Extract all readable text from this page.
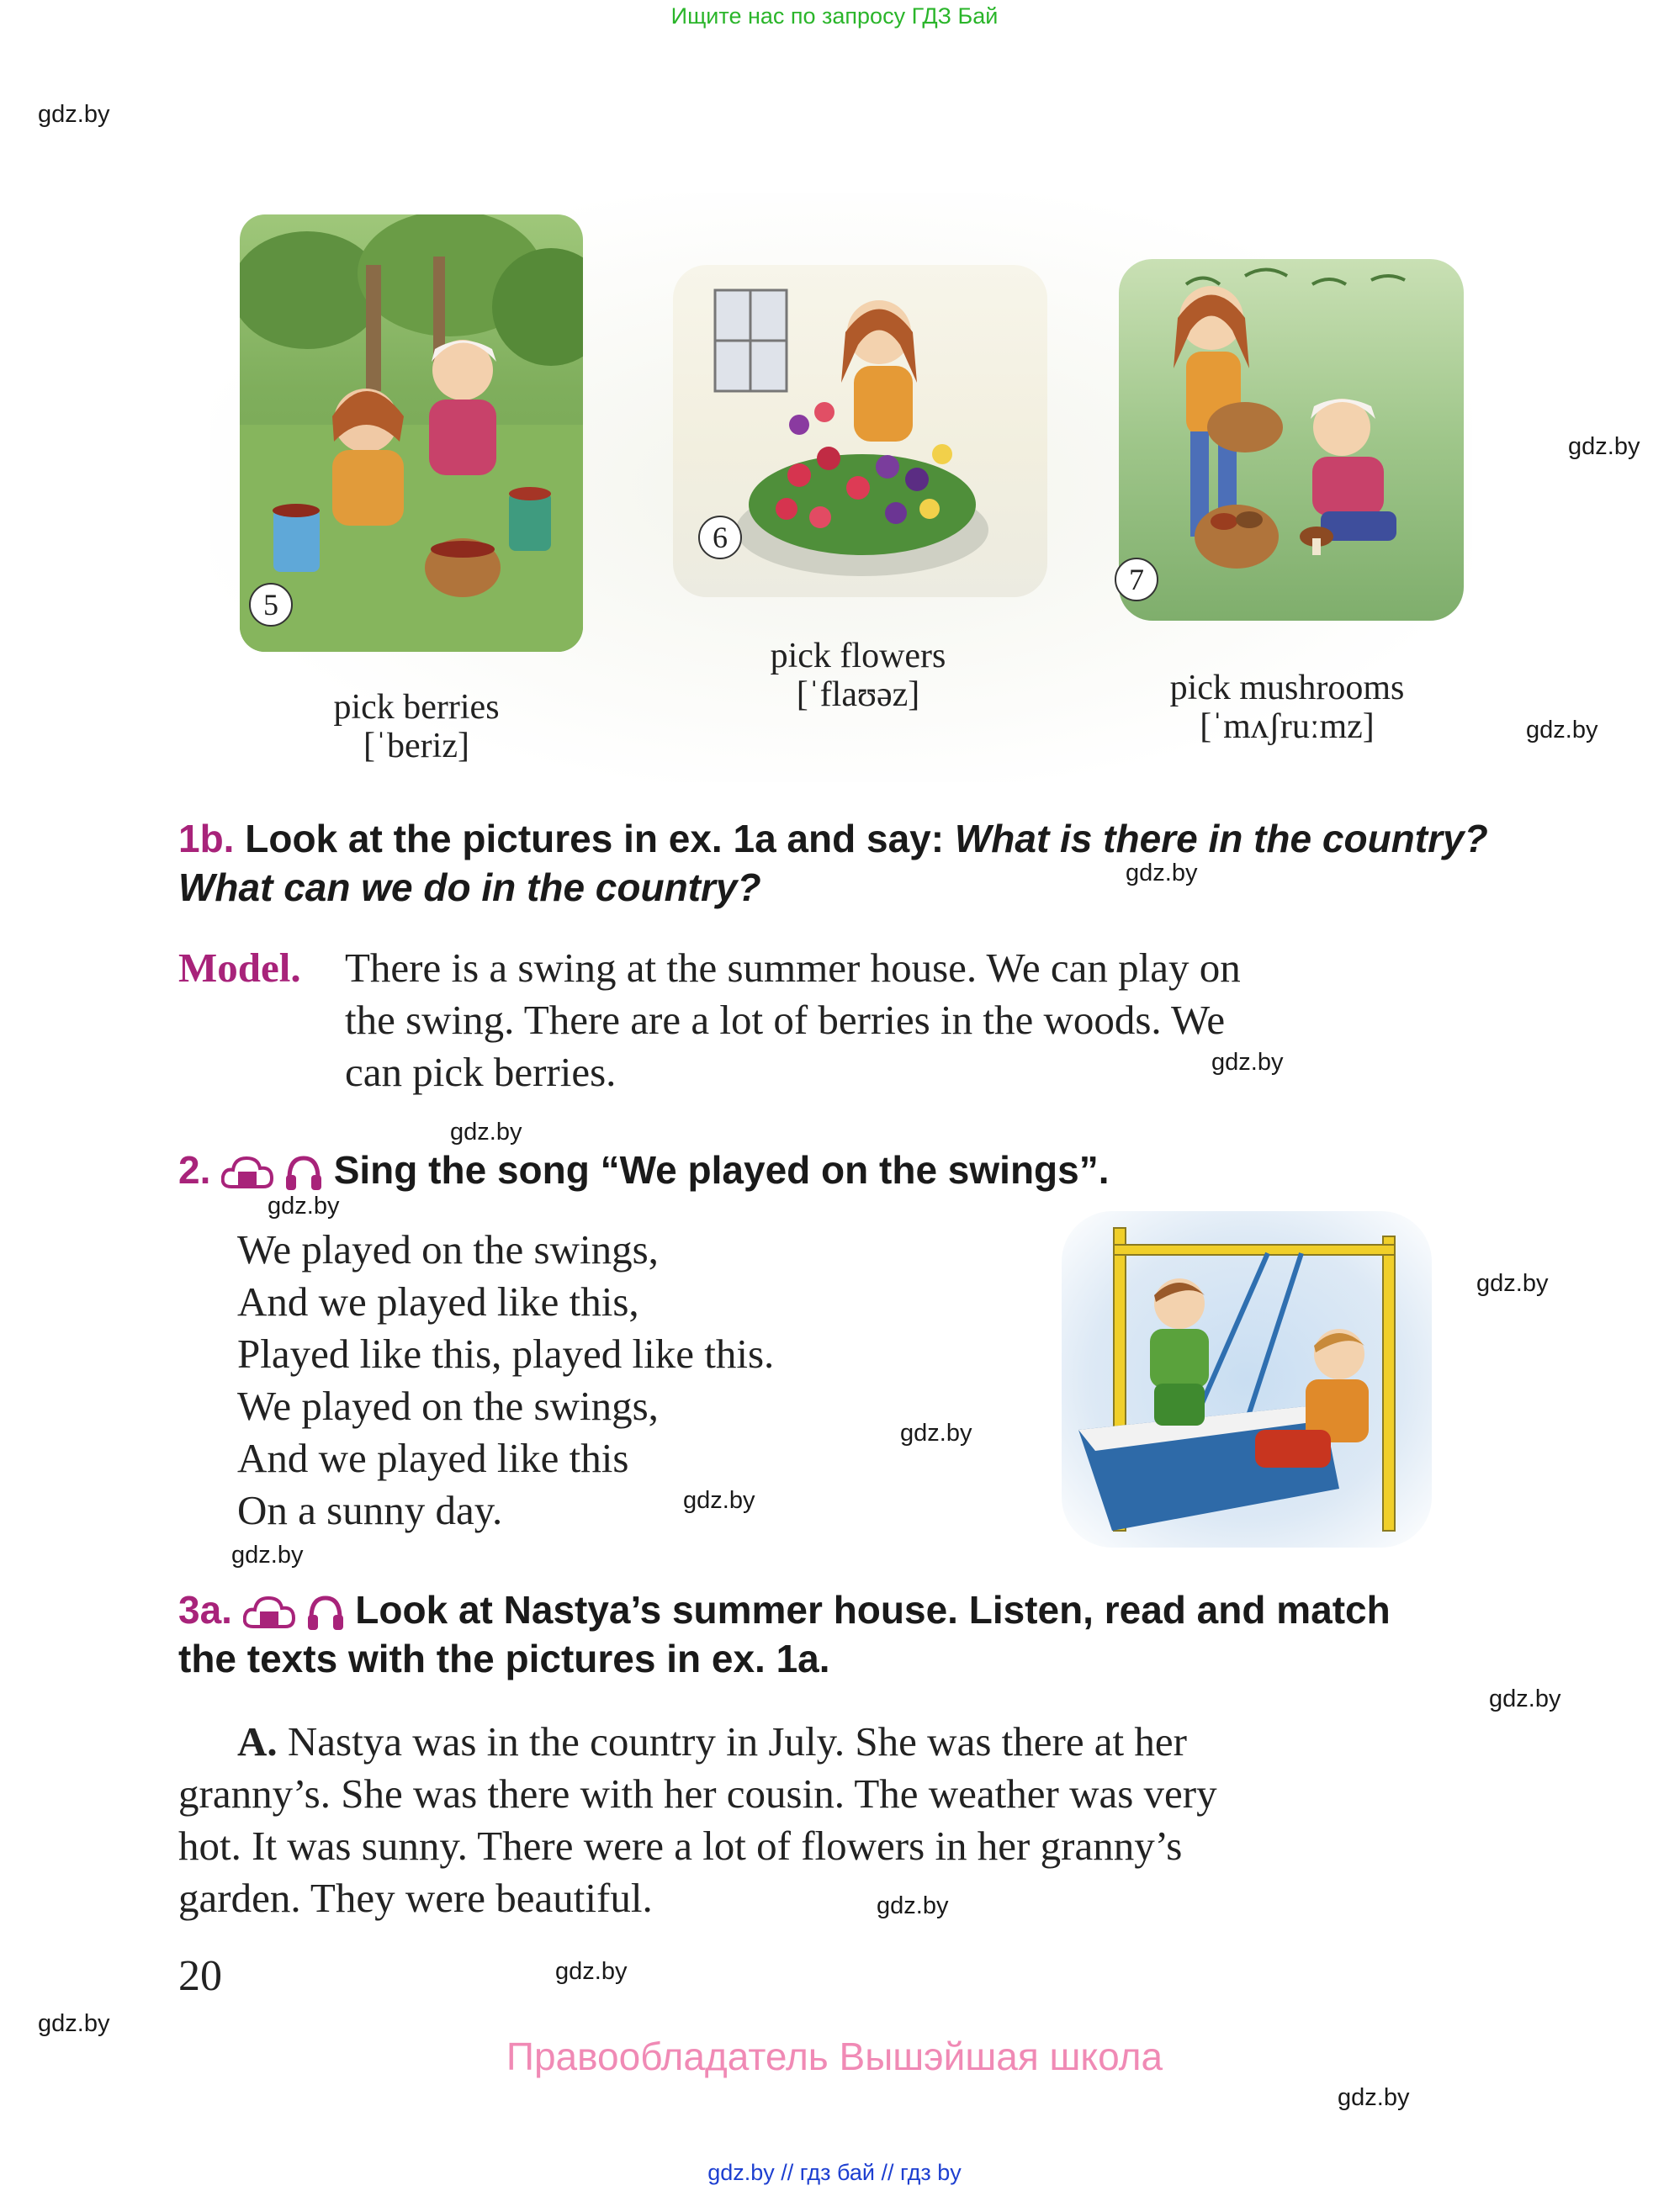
Ищите нас по запросу ГДЗ Бай
gdz.by
gdz.by
gdz.by
gdz.by
gdz.by
gdz.by
gdz.by
gdz.by
gdz.by
gdz.by
gdz.by
gdz.by
gdz.by
gdz.by
gdz.by
gdz.by
5
pick berries
[ˈberiz]
6
pick flowers
[ˈflaʊəz]
7
pick mushrooms
[ˈmʌʃruːmz]
1b. Look at the pictures in ex. 1a and say: What is there in the country?
What can we do in the country?
Model.	There is a swing at the summer house. We can play on
the swing. There are a lot of berries in the woods. We
can pick berries.
2.	Sing the song “We played on the swings”.
We played on the swings,
And we played like this,
Played like this, played like this.
We played on the swings,
And we played like this
On a sunny day.
3a.	Look at Nastya’s summer house. Listen, read and match
the texts with the pictures in ex. 1a.
A. Nastya was in the country in July. She was there at her
granny’s. She was there with her cousin. The weather was very
hot. It was sunny. There were a lot of flowers in her granny’s
garden. They were beautiful.
20
Правообладатель Вышэйшая школа
gdz.by // гдз бай // гдз by
